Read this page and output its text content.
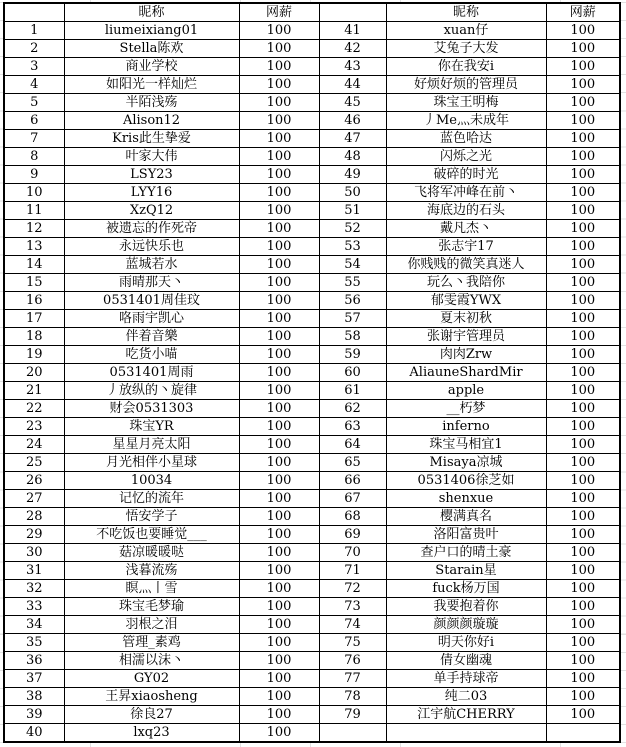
	昵称	网薪		昵称	网薪
1	liumeixiang01	100	41	xuan仔	100
2	Stella陈欢	100	42	艾兔子大发	100
3	商业学校	100	43	你在我安i	100
4	如阳光一样灿烂	100	44	好烦好烦的管理员	100
5	半陌浅殇	100	45	珠宝王明梅	100
6	Alison12	100	46	丿Me灬未成年	100
7	Kris此生挚爱	100	47	蓝色哈达	100
8	叶家大伟	100	48	闪烁之光	100
9	LSY23	100	49	破碎的时光	100
10	LYY16	100	50	飞将军冲峰在前丶	100
11	XzQ12	100	51	海底边的石头	100
12	被遗忘的作死帝	100	52	戴凡杰丶	100
13	永远快乐也	100	53	张志宇17	100
14	蓝城若水	100	54	你贱贱的微笑真迷人	100
15	雨晴那天丶	100	55	玩么丶我陪你	100
16	0531401周佳玟	100	56	郁雯霞YWX	100
17	咯雨宇凯心	100	57	夏末初秋	100
18	伴着音樂	100	58	张谢宇管理员	100
19	吃货小喵	100	59	肉肉Zrw	100
20	0531401周雨	100	60	AliauneShardMir	100
21	丿放纵的丶旋律	100	61	apple	100
22	财会0531303	100	62	__朽梦	100
23	珠宝YR	100	63	inferno	100
24	星星月亮太阳	100	64	珠宝马相宜1	100
25	月光相伴小星球	100	65	Misaya凉城	100
26	10034	100	66	0531406徐芝如	100
27	记忆的流年	100	67	shenxue	100
28	悟安学子	100	68	樱满真名	100
29	不吃饭也要睡觉___	100	69	洛阳富贵叶	100
30	菇凉暖暖哒	100	70	查户口的晴土豪	100
31	浅暮流殇	100	71	Starain星	100
32	瞑灬丨雪	100	72	fuck杨万国	100
33	珠宝毛梦瑜	100	73	我要抱着你	100
34	羽根之泪	100	74	颜颜颜璇璇	100
35	管理_素鸡	100	75	明天你好i	100
36	相濡以沫丶	100	76	倩女幽魂	100
37	GY02	100	77	单手持球帝	100
38	王昇xiaosheng	100	78	纯二03	100
39	徐良27	100	79	江宇航CHERRY	100
40	lxq23	100			
